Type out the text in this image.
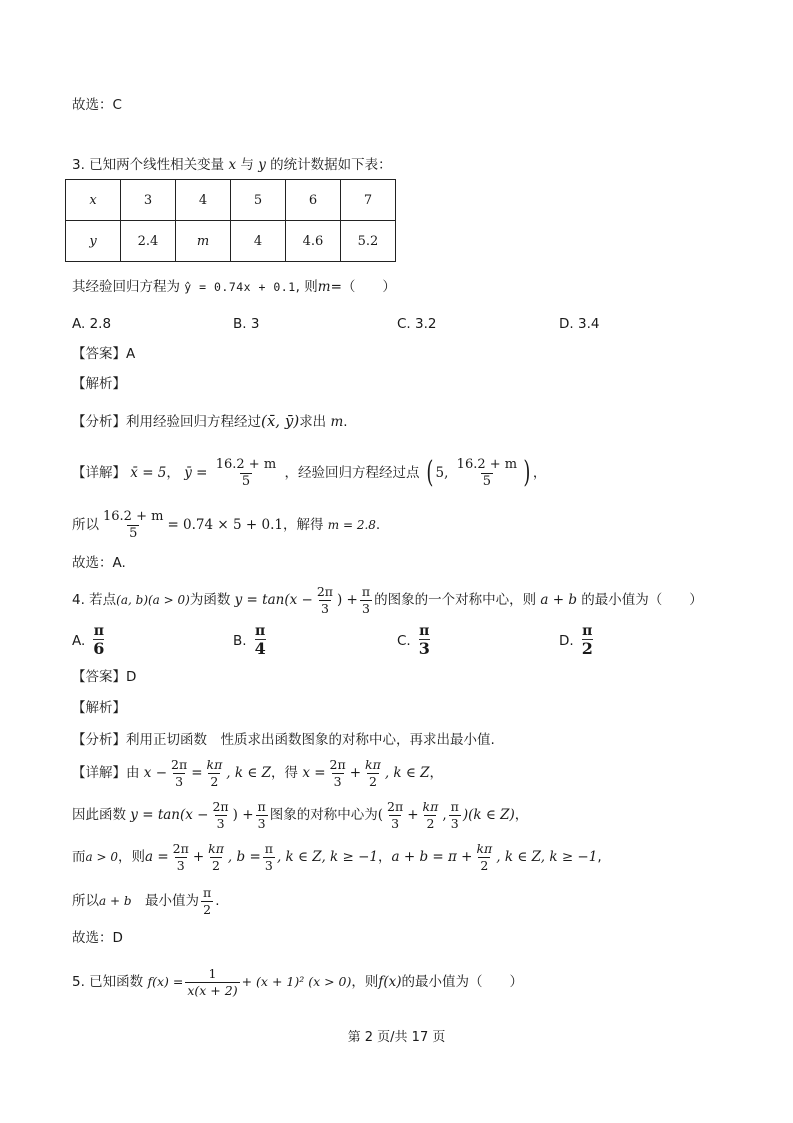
故选：C
3. 已知两个线性相关变量 x 与 y 的统计数据如下表：
x	3	4	5	6	7
y	2.4	m	4	4.6	5.2
其经验回归方程为 ŷ = 0.74x + 0.1, 则m=（　　）
A. 2.8	B. 3	C. 3.2	D. 3.4
【答案】A
【解析】
【分析】利用经验回归方程经过(x̄, ȳ)求出 m.
【详解】 x̄ = 5， ȳ = $\frac{16.2 + m}{5}$ ，经验回归方程经过点 ( 5, $\frac{16.2 + m}{5}$ ) ，
所以 $\frac{16.2 + m}{5} = 0.74 \times 5 + 0.1$，解得 m = 2.8.
故选：A.
4. 若点(a, b)(a > 0)为函数 $y = \tan(x - \frac{2\pi}{3}$ ) + $\frac{\pi}{3}$ 的图象的一个对称中心，则 a + b 的最小值为（　　）
A. $\frac{\pi}{6}$	B. $\frac{\pi}{4}$	C. $\frac{\pi}{3}$	D. $\frac{\pi}{2}$
【答案】D
【解析】
【分析】利用正切函数　性质求出函数图象的对称中心，再求出最小值.
【详解】由 $x - \frac{2\pi}{3} = \frac{k\pi}{2}$ , k ∈ Z，得 $x = \frac{2\pi}{3} + \frac{k\pi}{2}$ , k ∈ Z，
因此函数 $y = \tan(x - \frac{2\pi}{3}$ ) + $\frac{\pi}{3}$ 图象的对称中心为( $\frac{2\pi}{3} + \frac{k\pi}{2}$ , $\frac{\pi}{3} )(k$ ∈ Z)，
而a > 0，则$a = \frac{2\pi}{3} + \frac{k\pi}{2}$ , $b = \frac{\pi}{3}$ , k ∈ Z, k ≥ −1，$a + b = \pi + \frac{k\pi}{2}$ , k ∈ Z, k ≥ −1,
所以a + b　最小值为 $\frac{\pi}{2}$ .
故选：D
5. 已知函数 $f(x) = \frac{1}{x(x + 2)} + (x + 1)^2$ (x > 0)，则f(x)的最小值为（　　）
第 2 页/共 17 页
